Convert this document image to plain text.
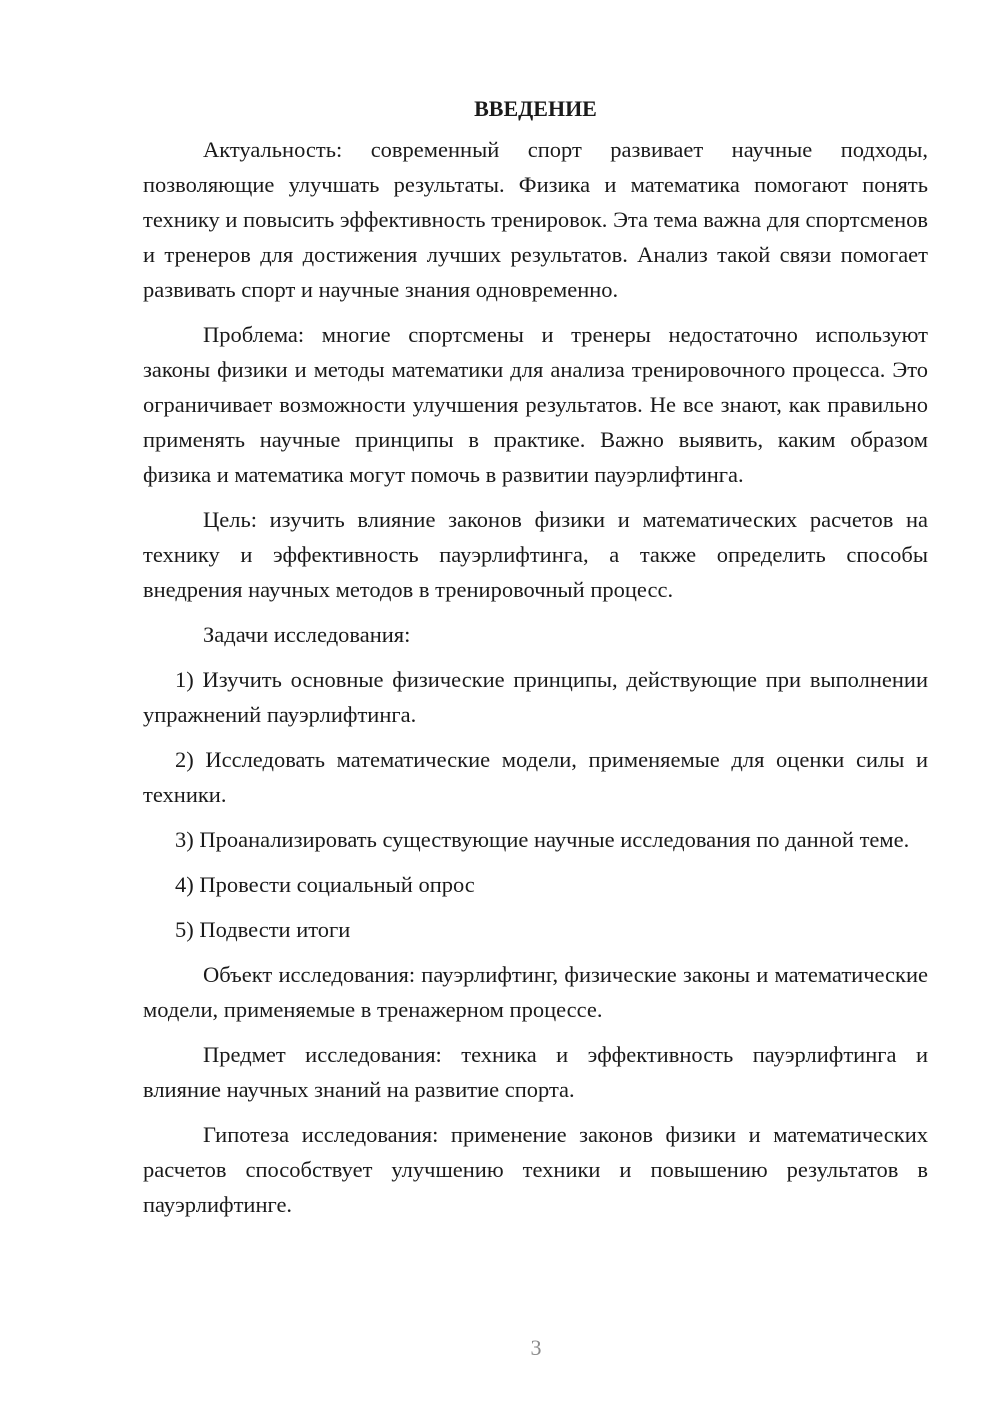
ВВЕДЕНИЕ

Актуальность: современный спорт развивает научные подходы, позволяющие улучшать результаты. Физика и математика помогают понять технику и повысить эффективность тренировок. Эта тема важна для спортсменов и тренеров для достижения лучших результатов. Анализ такой связи помогает развивать спорт и научные знания одновременно.

Проблема: многие спортсмены и тренеры недостаточно используют законы физики и методы математики для анализа тренировочного процесса. Это ограничивает возможности улучшения результатов. Не все знают, как правильно применять научные принципы в практике. Важно выявить, каким образом физика и математика могут помочь в развитии пауэрлифтинга.

Цель: изучить влияние законов физики и математических расчетов на технику и эффективность пауэрлифтинга, а также определить способы внедрения научных методов в тренировочный процесс.

Задачи исследования:

1) Изучить основные физические принципы, действующие при выполнении упражнений пауэрлифтинга.

2) Исследовать математические модели, применяемые для оценки силы и техники.

3) Проанализировать существующие научные исследования по данной теме.

4) Провести социальный опрос

5) Подвести итоги

Объект исследования: пауэрлифтинг, физические законы и математические модели, применяемые в тренажерном процессе.

Предмет исследования: техника и эффективность пауэрлифтинга и влияние научных знаний на развитие спорта.

Гипотеза исследования: применение законов физики и математических расчетов способствует улучшению техники и повышению результатов в пауэрлифтинге.

3
